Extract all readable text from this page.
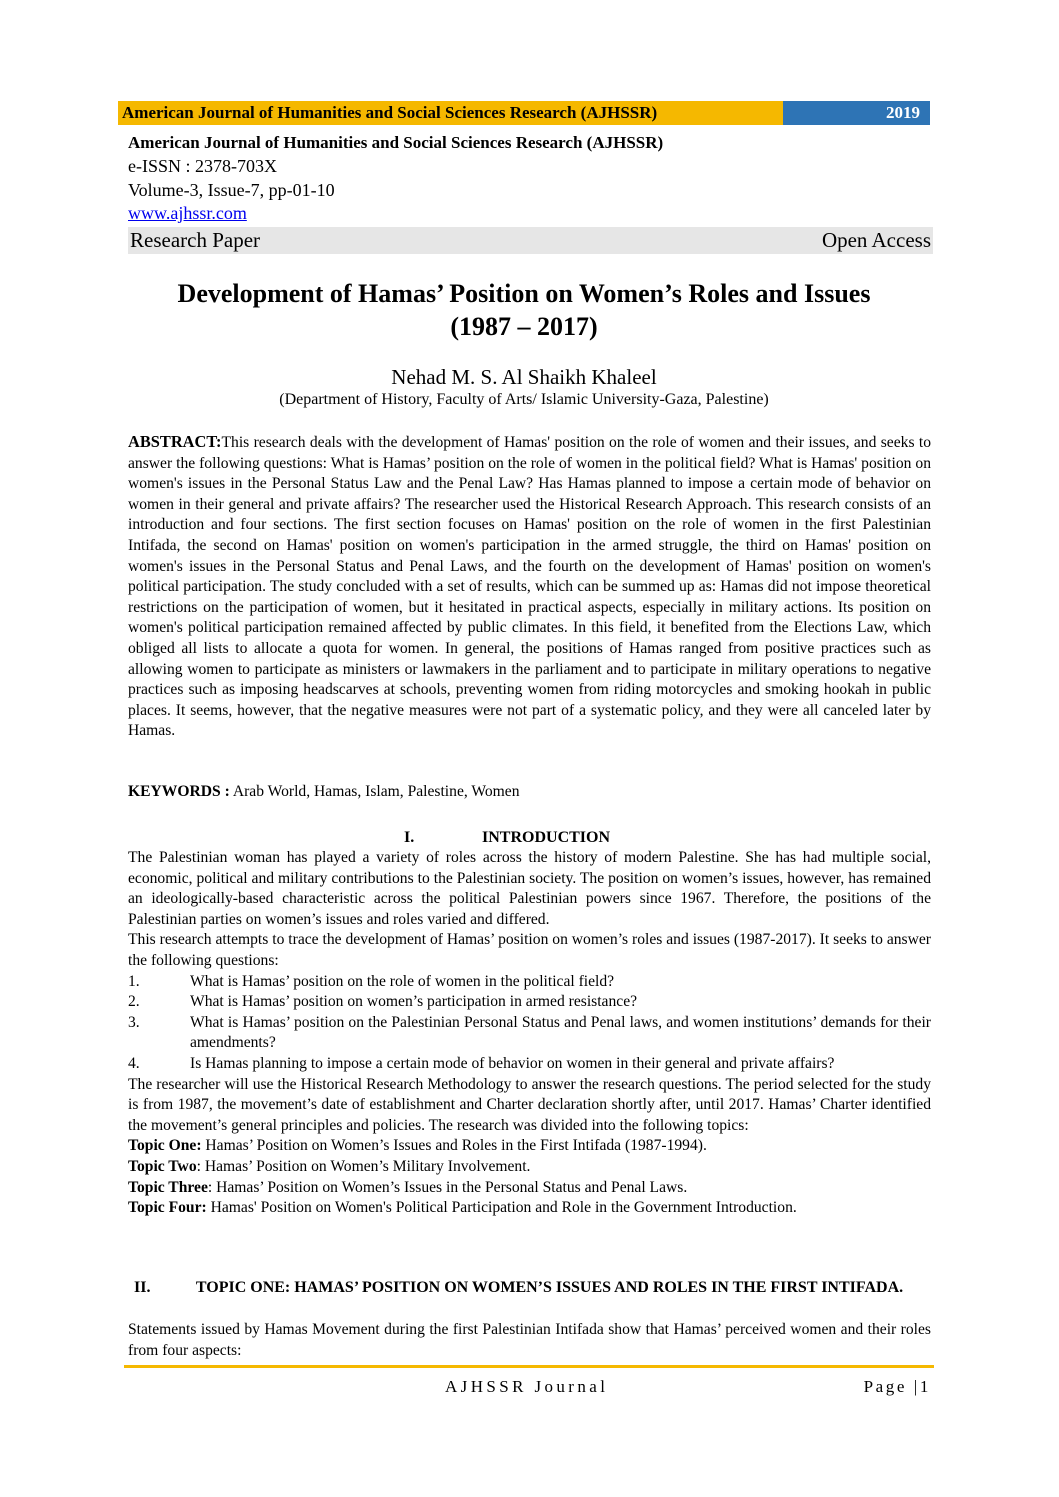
American Journal of Humanities and Social Sciences Research (AJHSSR)	2019
American Journal of Humanities and Social Sciences Research (AJHSSR)
e-ISSN : 2378-703X
Volume-3, Issue-7, pp-01-10
www.ajhssr.com
Research Paper	Open Access
Development of Hamas’ Position on Women’s Roles and Issues
(1987 – 2017)
Nehad M. S. Al Shaikh Khaleel
(Department of History, Faculty of Arts/ Islamic University-Gaza, Palestine)
ABSTRACT:This research deals with the development of Hamas' position on the role of women and their issues, and seeks to answer the following questions: What is Hamas’ position on the role of women in the political field? What is Hamas' position on women's issues in the Personal Status Law and the Penal Law? Has Hamas planned to impose a certain mode of behavior on women in their general and private affairs? The researcher used the Historical Research Approach. This research consists of an introduction and four sections. The first section focuses on Hamas' position on the role of women in the first Palestinian Intifada, the second on Hamas' position on women's participation in the armed struggle, the third on Hamas' position on women's issues in the Personal Status and Penal Laws, and the fourth on the development of Hamas' position on women's political participation. The study concluded with a set of results, which can be summed up as: Hamas did not impose theoretical restrictions on the participation of women, but it hesitated in practical aspects, especially in military actions. Its position on women's political participation remained affected by public climates. In this field, it benefited from the Elections Law, which obliged all lists to allocate a quota for women. In general, the positions of Hamas ranged from positive practices such as allowing women to participate as ministers or lawmakers in the parliament and to participate in military operations to negative practices such as imposing headscarves at schools, preventing women from riding motorcycles and smoking hookah in public places. It seems, however, that the negative measures were not part of a systematic policy, and they were all canceled later by Hamas.
KEYWORDS : Arab World, Hamas, Islam, Palestine, Women
I.	INTRODUCTION
The Palestinian woman has played a variety of roles across the history of modern Palestine. She has had multiple social, economic, political and military contributions to the Palestinian society. The position on women’s issues, however, has remained an ideologically-based characteristic across the political Palestinian powers since 1967. Therefore, the positions of the Palestinian parties on women’s issues and roles varied and differed.
This research attempts to trace the development of Hamas’ position on women’s roles and issues (1987-2017). It seeks to answer the following questions:
1.	What is Hamas’ position on the role of women in the political field?
2.	What is Hamas’ position on women’s participation in armed resistance?
3.	What is Hamas’ position on the Palestinian Personal Status and Penal laws, and women institutions’ demands for their amendments?
4.	Is Hamas planning to impose a certain mode of behavior on women in their general and private affairs?
The researcher will use the Historical Research Methodology to answer the research questions. The period selected for the study is from 1987, the movement’s date of establishment and Charter declaration shortly after, until 2017. Hamas’ Charter identified the movement’s general principles and policies. The research was divided into the following topics:
Topic One: Hamas’ Position on Women’s Issues and Roles in the First Intifada (1987-1994).
Topic Two: Hamas’ Position on Women’s Military Involvement.
Topic Three: Hamas’ Position on Women’s Issues in the Personal Status and Penal Laws.
Topic Four: Hamas' Position on Women's Political Participation and Role in the Government Introduction.
II.	TOPIC ONE: HAMAS’ POSITION ON WOMEN’S ISSUES AND ROLES IN THE FIRST INTIFADA.
Statements issued by Hamas Movement during the first Palestinian Intifada show that Hamas’ perceived women and their roles from four aspects:
AJHSSR Journal	Page |1
